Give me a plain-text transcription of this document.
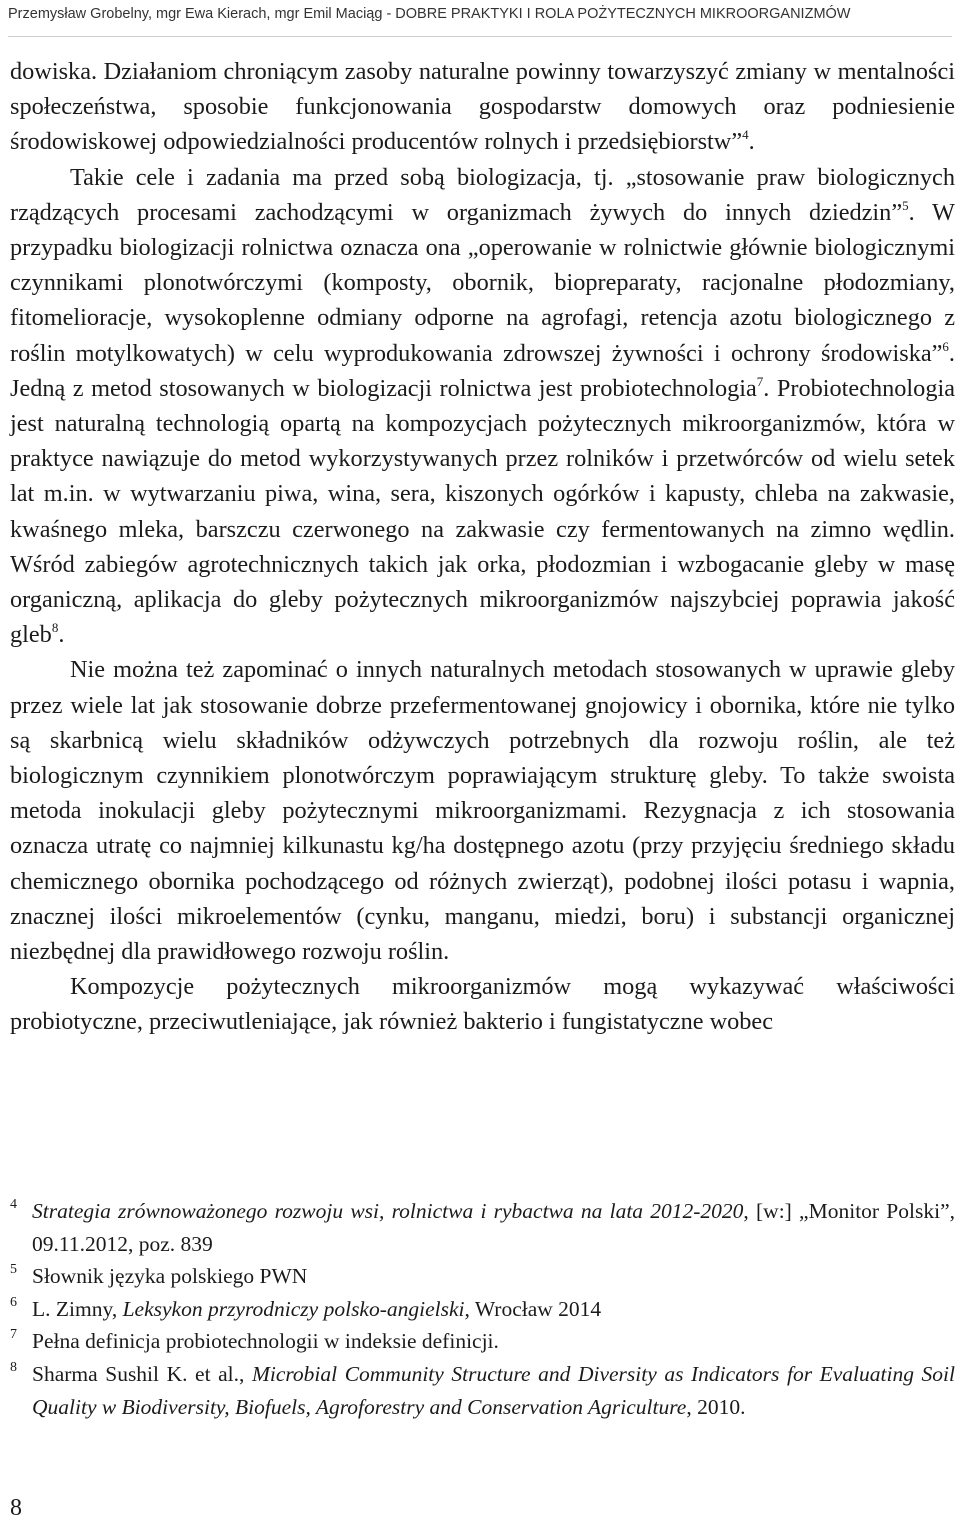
Przemysław Grobelny, mgr Ewa Kierach, mgr Emil Maciąg - DOBRE PRAKTYKI I ROLA POŻYTECZNYCH MIKROORGANIZMÓW

dowiska. Działaniom chroniącym zasoby naturalne powinny towarzyszyć zmiany w mentalności społeczeństwa, sposobie funkcjonowania gospodarstw domowych oraz podniesienie środowiskowej odpowiedzialności producentów rolnych i przedsiębiorstw”$^4$.

Takie cele i zadania ma przed sobą biologizacja, tj. „stosowanie praw biologicznych rządzących procesami zachodzącymi w organizmach żywych do innych dziedzin”$^5$. W przypadku biologizacji rolnictwa oznacza ona „operowanie w rolnictwie głównie biologicznymi czynnikami plonotwórczymi (komposty, obornik, biopreparaty, racjonalne płodozmiany, fitomelioracje, wysokoplenne odmiany odporne na agrofagi, retencja azotu biologicznego z roślin motylkowatych) w celu wyprodukowania zdrowszej żywności i ochrony środowiska”$^6$. Jedną z metod stosowanych w biologizacji rolnictwa jest probiotechnologia$^7$. Probiotechnologia jest naturalną technologią opartą na kompozycjach pożytecznych mikroorganizmów, która w praktyce nawiązuje do metod wykorzystywanych przez rolników i przetwórców od wielu setek lat m.in. w wytwarzaniu piwa, wina, sera, kiszonych ogórków i kapusty, chleba na zakwasie, kwaśnego mleka, barszczu czerwonego na zakwasie czy fermentowanych na zimno wędlin. Wśród zabiegów agrotechnicznych takich jak orka, płodozmian i wzbogacanie gleby w masę organiczną, aplikacja do gleby pożytecznych mikroorganizmów najszybciej poprawia jakość gleb$^8$.

Nie można też zapominać o innych naturalnych metodach stosowanych w uprawie gleby przez wiele lat jak stosowanie dobrze przefermentowanej gnojowicy i obornika, które nie tylko są skarbnicą wielu składników odżywczych potrzebnych dla rozwoju roślin, ale też biologicznym czynnikiem plonotwórczym poprawiającym strukturę gleby. To także swoista metoda inokulacji gleby pożytecznymi mikroorganizmami. Rezygnacja z ich stosowania oznacza utratę co najmniej kilkunastu kg/ha dostępnego azotu (przy przyjęciu średniego składu chemicznego obornika pochodzącego od różnych zwierząt), podobnej ilości potasu i wapnia, znacznej ilości mikroelementów (cynku, manganu, miedzi, boru) i substancji organicznej niezbędnej dla prawidłowego rozwoju roślin.

Kompozycje pożytecznych mikroorganizmów mogą wykazywać właściwości probiotyczne, przeciwutleniające, jak również bakterio i fungistatyczne wobec

4 Strategia zrównoważonego rozwoju wsi, rolnictwa i rybactwa na lata 2012-2020, [w:] „Monitor Polski”, 09.11.2012, poz. 839
5 Słownik języka polskiego PWN
6 L. Zimny, Leksykon przyrodniczy polsko-angielski, Wrocław 2014
7 Pełna definicja probiotechnologii w indeksie definicji.
8 Sharma Sushil K. et al., Microbial Community Structure and Diversity as Indicators for Evaluating Soil Quality w Biodiversity, Biofuels, Agroforestry and Conservation Agriculture, 2010.
8
